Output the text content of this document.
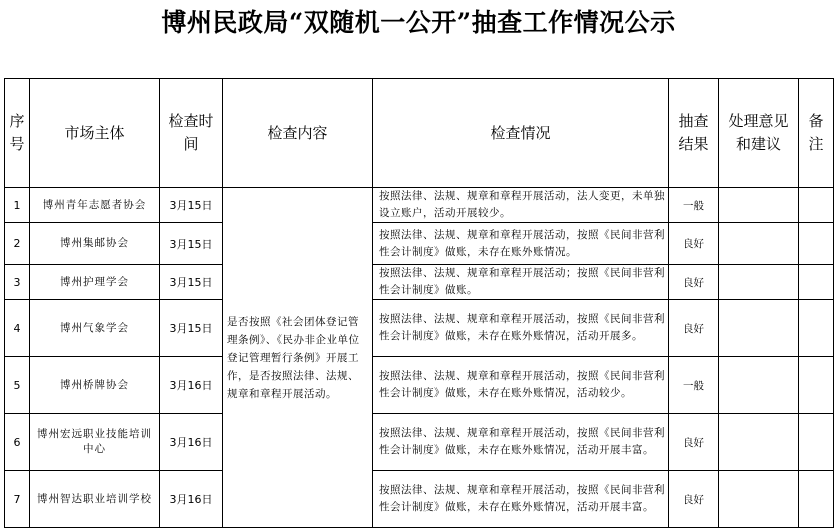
博州民政局“双随机一公开”抽查工作情况公示
序号	市场主体	检查时间	检查内容	检查情况	抽查结果	处理意见和建议	备注
1	博州青年志愿者协会	3月15日	是否按照《社会团体登记管理条例》、《民办非企业单位登记管理暂行条例》开展工作，是否按照法律、法规、规章和章程开展活动。	按照法律、法规、规章和章程开展活动，法人变更，未单独设立账户，活动开展较少。	一般		
2	博州集邮协会	3月15日		按照法律、法规、规章和章程开展活动，按照《民间非营利性会计制度》做账，未存在账外账情况。	良好		
3	博州护理学会	3月15日		按照法律、法规、规章和章程开展活动；按照《民间非营利性会计制度》做账。	良好		
4	博州气象学会	3月15日		按照法律、法规、规章和章程开展活动，按照《民间非营利性会计制度》做账，未存在账外账情况，活动开展多。	良好		
5	博州桥牌协会	3月16日		按照法律、法规、规章和章程开展活动，按照《民间非营利性会计制度》做账，未存在账外账情况，活动较少。	一般		
6	博州宏远职业技能培训中心	3月16日		按照法律、法规、规章和章程开展活动，按照《民间非营利性会计制度》做账，未存在账外账情况，活动开展丰富。	良好		
7	博州智达职业培训学校	3月16日		按照法律、法规、规章和章程开展活动，按照《民间非营利性会计制度》做账，未存在账外账情况，活动开展丰富。	良好		
